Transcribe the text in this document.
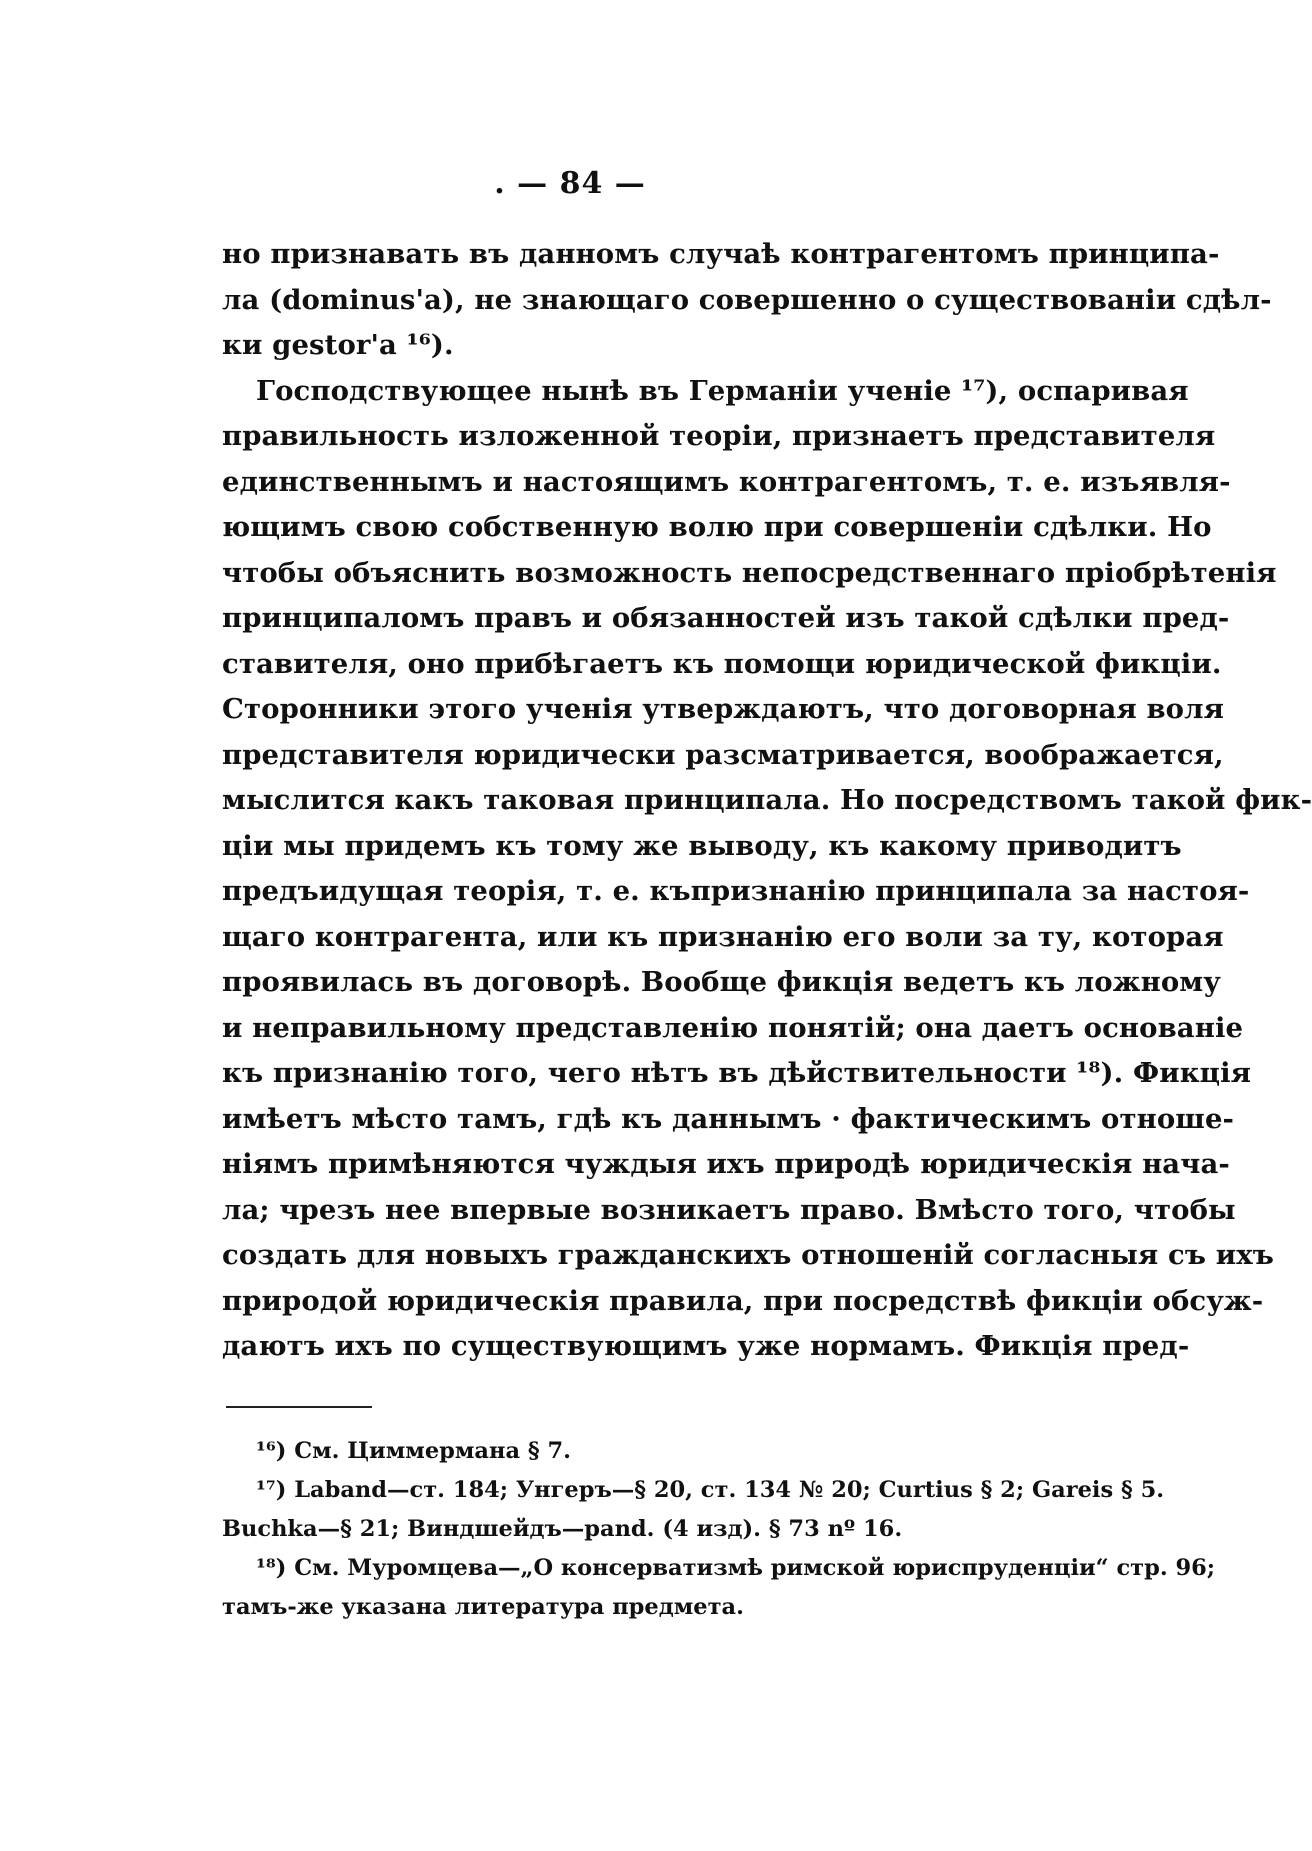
. — 84 —
но признавать въ данномъ случаѣ контрагентомъ принципа-
ла (dominus'а), не знающаго совершенно о существованіи сдѣл-
ки gestor'а ¹⁶).
Господствующее нынѣ въ Германіи ученіе ¹⁷), оспаривая
правильность изложенной теоріи, признаетъ представителя
единственнымъ и настоящимъ контрагентомъ, т. е. изъявля-
ющимъ свою собственную волю при совершеніи сдѣлки. Но
чтобы объяснить возможность непосредственнаго пріобрѣтенія
принципаломъ правъ и обязанностей изъ такой сдѣлки пред-
ставителя, оно прибѣгаетъ къ помощи юридической фикціи.
Сторонники этого ученія утверждаютъ, что договорная воля
представителя юридически разсматривается, воображается,
мыслится какъ таковая принципала. Но посредствомъ такой фик-
ціи мы придемъ къ тому же выводу, къ какому приводитъ
предъидущая теорія, т. е. къпризнанію принципала за настоя-
щаго контрагента, или къ признанію его воли за ту, которая
проявилась въ договорѣ. Вообще фикція ведетъ къ ложному
и неправильному представленію понятій; она даетъ основаніе
къ признанію того, чего нѣтъ въ дѣйствительности ¹⁸). Фикція
имѣетъ мѣсто тамъ, гдѣ къ даннымъ · фактическимъ отноше-
ніямъ примѣняются чуждыя ихъ природѣ юридическія нача-
ла; чрезъ нее впервые возникаетъ право. Вмѣсто того, чтобы
создать для новыхъ гражданскихъ отношеній согласныя съ ихъ
природой юридическія правила, при посредствѣ фикціи обсуж-
даютъ ихъ по существующимъ уже нормамъ. Фикція пред-
¹⁶) См. Циммермана § 7.
¹⁷) Laband—ст. 184; Унгеръ—§ 20, ст. 134 № 20; Curtius § 2; Gareis § 5.
Buchka—§ 21; Виндшейдъ—pand. (4 изд). § 73 nº 16.
¹⁸) См. Муромцева—„О консерватизмѣ римской юриспруденціи“ стр. 96;
тамъ-же указана литература предмета.
